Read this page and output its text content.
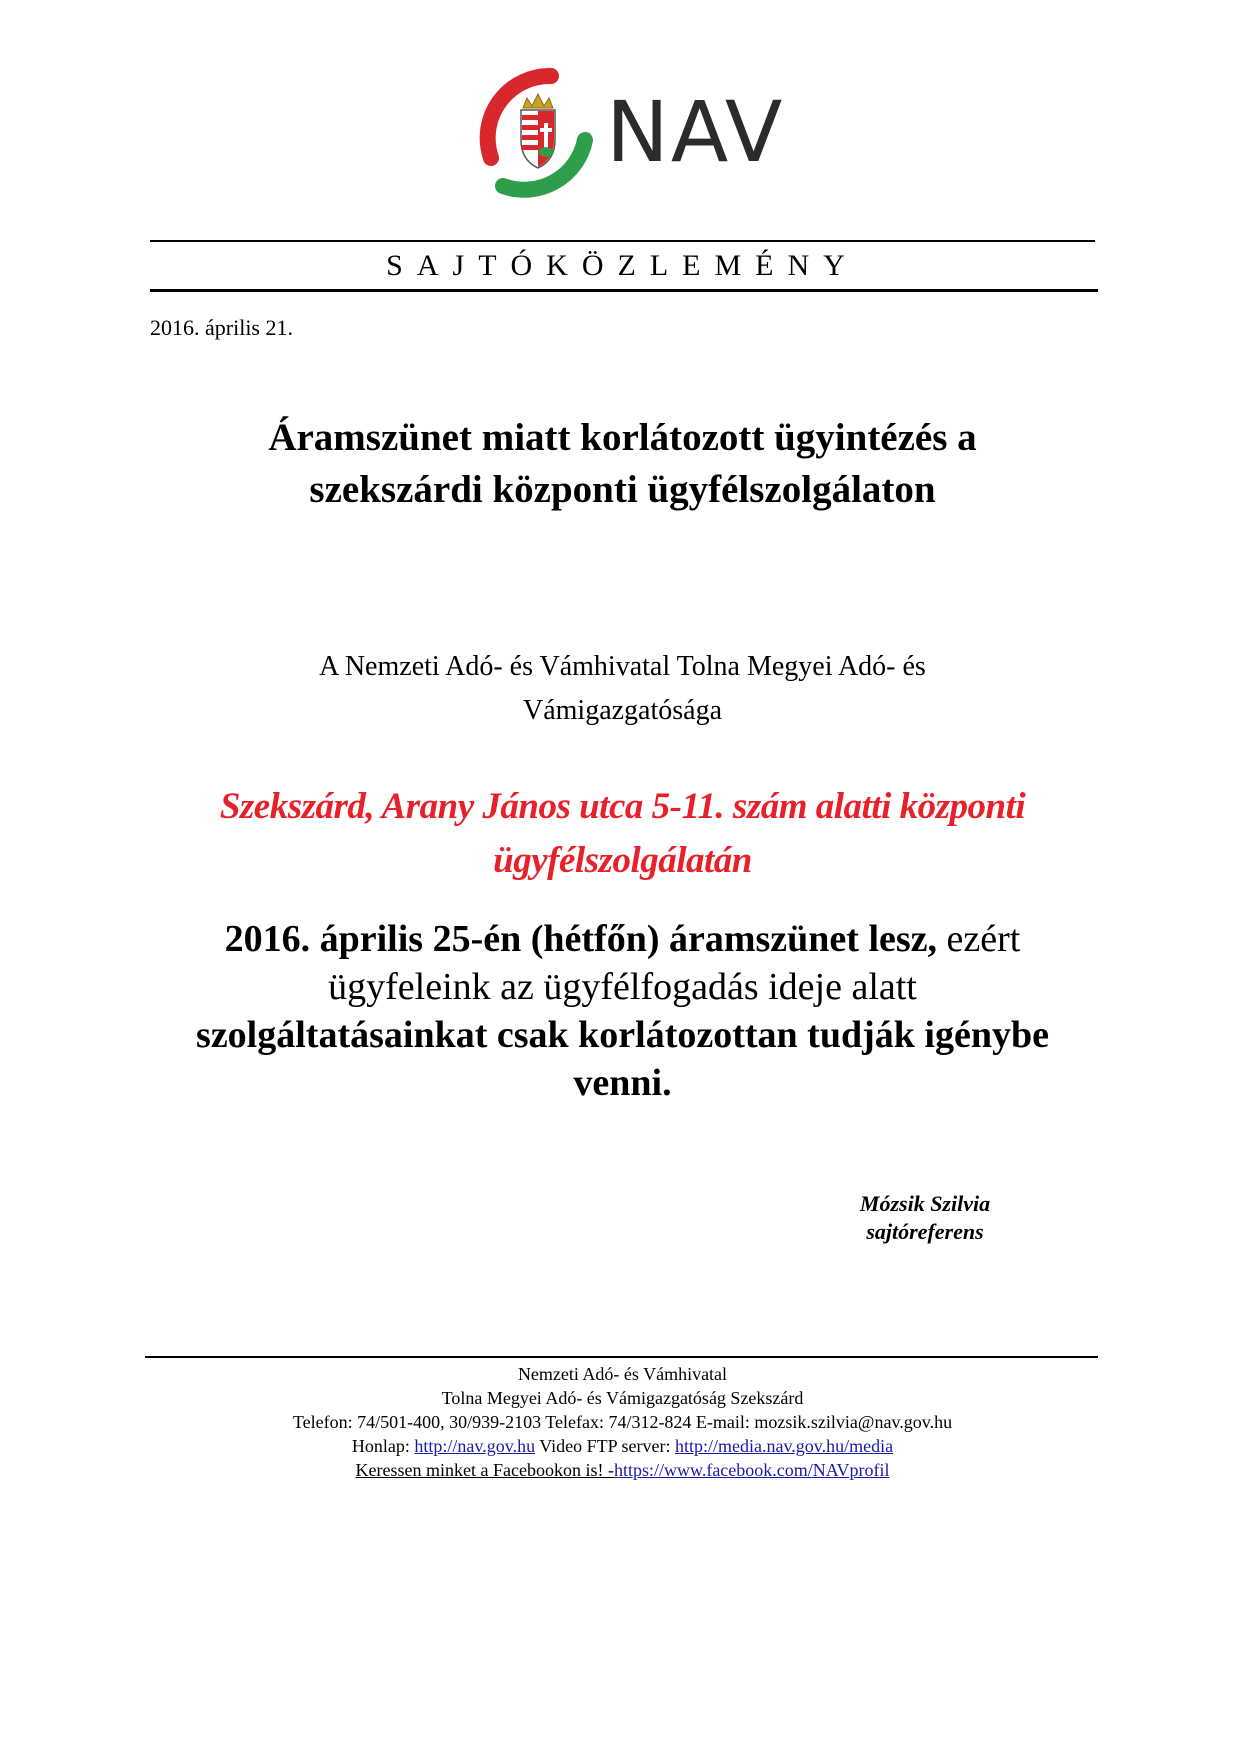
NAV
SAJTÓKÖZLEMÉNY
2016. április 21.
Áramszünet miatt korlátozott ügyintézés a
szekszárdi központi ügyfélszolgálaton
A Nemzeti Adó- és Vámhivatal Tolna Megyei Adó- és
Vámigazgatósága
Szekszárd, Arany János utca 5-11. szám alatti központi
ügyfélszolgálatán
2016. április 25-én (hétfőn) áramszünet lesz, ezért
ügyfeleink az ügyfélfogadás ideje alatt
szolgáltatásainkat csak korlátozottan tudják igénybe
venni.
Mózsik Szilvia
sajtóreferens
Nemzeti Adó- és Vámhivatal
Tolna Megyei Adó- és Vámigazgatóság Szekszárd
Telefon: 74/501-400, 30/939-2103 Telefax: 74/312-824 E-mail: mozsik.szilvia@nav.gov.hu
Honlap: http://nav.gov.hu Video FTP server: http://media.nav.gov.hu/media
Keressen minket a Facebookon is! -https://www.facebook.com/NAVprofil
